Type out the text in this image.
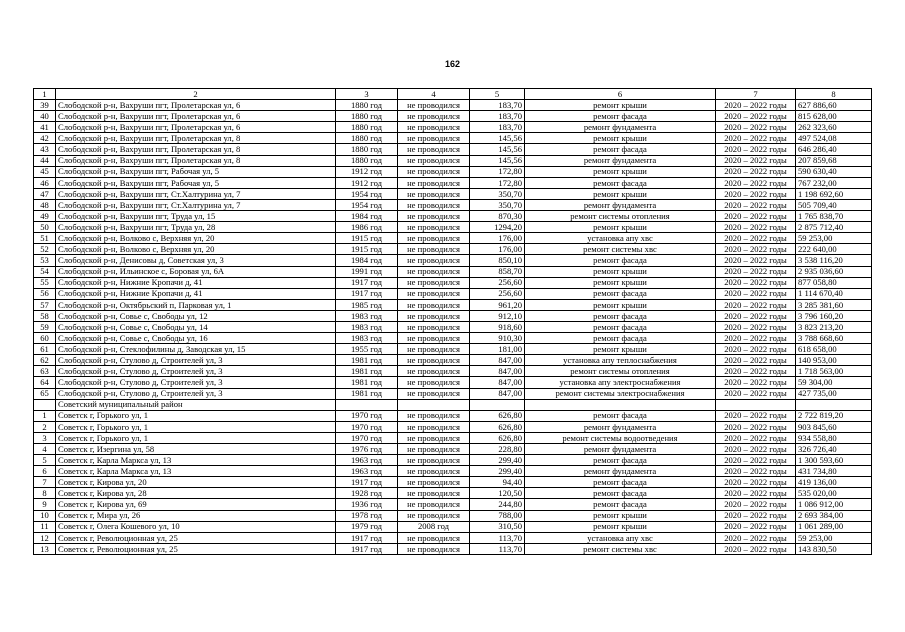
162
1	2	3	4	5	6	7	8
39	Слободской р-н, Вахруши пгт, Пролетарская ул, 6	1880 год	не проводился	183,70	ремонт крыши	2020 – 2022 годы	627 886,60
40	Слободской р-н, Вахруши пгт, Пролетарская ул, 6	1880 год	не проводился	183,70	ремонт фасада	2020 – 2022 годы	815 628,00
41	Слободской р-н, Вахруши пгт, Пролетарская ул, 6	1880 год	не проводился	183,70	ремонт фундамента	2020 – 2022 годы	262 323,60
42	Слободской р-н, Вахруши пгт, Пролетарская ул, 8	1880 год	не проводился	145,56	ремонт крыши	2020 – 2022 годы	497 524,08
43	Слободской р-н, Вахруши пгт, Пролетарская ул, 8	1880 год	не проводился	145,56	ремонт фасада	2020 – 2022 годы	646 286,40
44	Слободской р-н, Вахруши пгт, Пролетарская ул, 8	1880 год	не проводился	145,56	ремонт фундамента	2020 – 2022 годы	207 859,68
45	Слободской р-н, Вахруши пгт, Рабочая ул, 5	1912 год	не проводился	172,80	ремонт крыши	2020 – 2022 годы	590 630,40
46	Слободской р-н, Вахруши пгт, Рабочая ул, 5	1912 год	не проводился	172,80	ремонт фасада	2020 – 2022 годы	767 232,00
47	Слободской р-н, Вахруши пгт, Ст.Халтурина ул, 7	1954 год	не проводился	350,70	ремонт крыши	2020 – 2022 годы	1 198 692,60
48	Слободской р-н, Вахруши пгт, Ст.Халтурина ул, 7	1954 год	не проводился	350,70	ремонт фундамента	2020 – 2022 годы	505 709,40
49	Слободской р-н, Вахруши пгт, Труда ул, 15	1984 год	не проводился	870,30	ремонт системы отопления	2020 – 2022 годы	1 765 838,70
50	Слободской р-н, Вахруши пгт, Труда ул, 28	1986 год	не проводился	1294,20	ремонт крыши	2020 – 2022 годы	2 875 712,40
51	Слободской р-н, Волково с, Верхняя ул, 20	1915 год	не проводился	176,00	установка апу хвс	2020 – 2022 годы	59 253,00
52	Слободской р-н, Волково с, Верхняя ул, 20	1915 год	не проводился	176,00	ремонт системы хвс	2020 – 2022 годы	222 640,00
53	Слободской р-н, Денисовы д, Советская ул, 3	1984 год	не проводился	850,10	ремонт фасада	2020 – 2022 годы	3 538 116,20
54	Слободской р-н, Ильинское с, Боровая ул, 6А	1991 год	не проводился	858,70	ремонт крыши	2020 – 2022 годы	2 935 036,60
55	Слободской р-н, Нижние Кропачи д, 41	1917 год	не проводился	256,60	ремонт крыши	2020 – 2022 годы	877 058,80
56	Слободской р-н, Нижние Кропачи д, 41	1917 год	не проводился	256,60	ремонт фасада	2020 – 2022 годы	1 114 670,40
57	Слободской р-н, Октябрьский п, Парковая ул, 1	1985 год	не проводился	961,20	ремонт крыши	2020 – 2022 годы	3 285 381,60
58	Слободской р-н, Совье с, Свободы ул, 12	1983 год	не проводился	912,10	ремонт фасада	2020 – 2022 годы	3 796 160,20
59	Слободской р-н, Совье с, Свободы ул, 14	1983 год	не проводился	918,60	ремонт фасада	2020 – 2022 годы	3 823 213,20
60	Слободской р-н, Совье с, Свободы ул, 16	1983 год	не проводился	910,30	ремонт фасада	2020 – 2022 годы	3 788 668,60
61	Слободской р-н, Стеклофилины д, Заводская ул, 15	1955 год	не проводился	181,00	ремонт крыши	2020 – 2022 годы	618 658,00
62	Слободской р-н, Стулово д, Строителей ул, 3	1981 год	не проводился	847,00	установка апу теплоснабжения	2020 – 2022 годы	140 953,00
63	Слободской р-н, Стулово д, Строителей ул, 3	1981 год	не проводился	847,00	ремонт системы отопления	2020 – 2022 годы	1 718 563,00
64	Слободской р-н, Стулово д, Строителей ул, 3	1981 год	не проводился	847,00	установка апу электроснабжения	2020 – 2022 годы	59 304,00
65	Слободской р-н, Стулово д, Строителей ул, 3	1981 год	не проводился	847,00	ремонт системы электроснабжения	2020 – 2022 годы	427 735,00
	Советский муниципальный район						
1	Советск г, Горького ул, 1	1970 год	не проводился	626,80	ремонт фасада	2020 – 2022 годы	2 722 819,20
2	Советск г, Горького ул, 1	1970 год	не проводился	626,80	ремонт фундамента	2020 – 2022 годы	903 845,60
3	Советск г, Горького ул, 1	1970 год	не проводился	626,80	ремонт системы водоотведения	2020 – 2022 годы	934 558,80
4	Советск г, Изергина ул, 58	1976 год	не проводился	228,80	ремонт фундамента	2020 – 2022 годы	326 726,40
5	Советск г, Карла Маркса ул, 13	1963 год	не проводился	299,40	ремонт фасада	2020 – 2022 годы	1 300 593,60
6	Советск г, Карла Маркса ул, 13	1963 год	не проводился	299,40	ремонт фундамента	2020 – 2022 годы	431 734,80
7	Советск г, Кирова ул, 20	1917 год	не проводился	94,40	ремонт фасада	2020 – 2022 годы	419 136,00
8	Советск г, Кирова ул, 28	1928 год	не проводился	120,50	ремонт фасада	2020 – 2022 годы	535 020,00
9	Советск г, Кирова ул, 69	1936 год	не проводился	244,80	ремонт фасада	2020 – 2022 годы	1 086 912,00
10	Советск г, Мира ул, 26	1978 год	не проводился	788,00	ремонт крыши	2020 – 2022 годы	2 693 384,00
11	Советск г, Олега Кошевого ул, 10	1979 год	2008 год	310,50	ремонт крыши	2020 – 2022 годы	1 061 289,00
12	Советск г, Революционная ул, 25	1917 год	не проводился	113,70	установка апу хвс	2020 – 2022 годы	59 253,00
13	Советск г, Революционная ул, 25	1917 год	не проводился	113,70	ремонт системы хвс	2020 – 2022 годы	143 830,50
